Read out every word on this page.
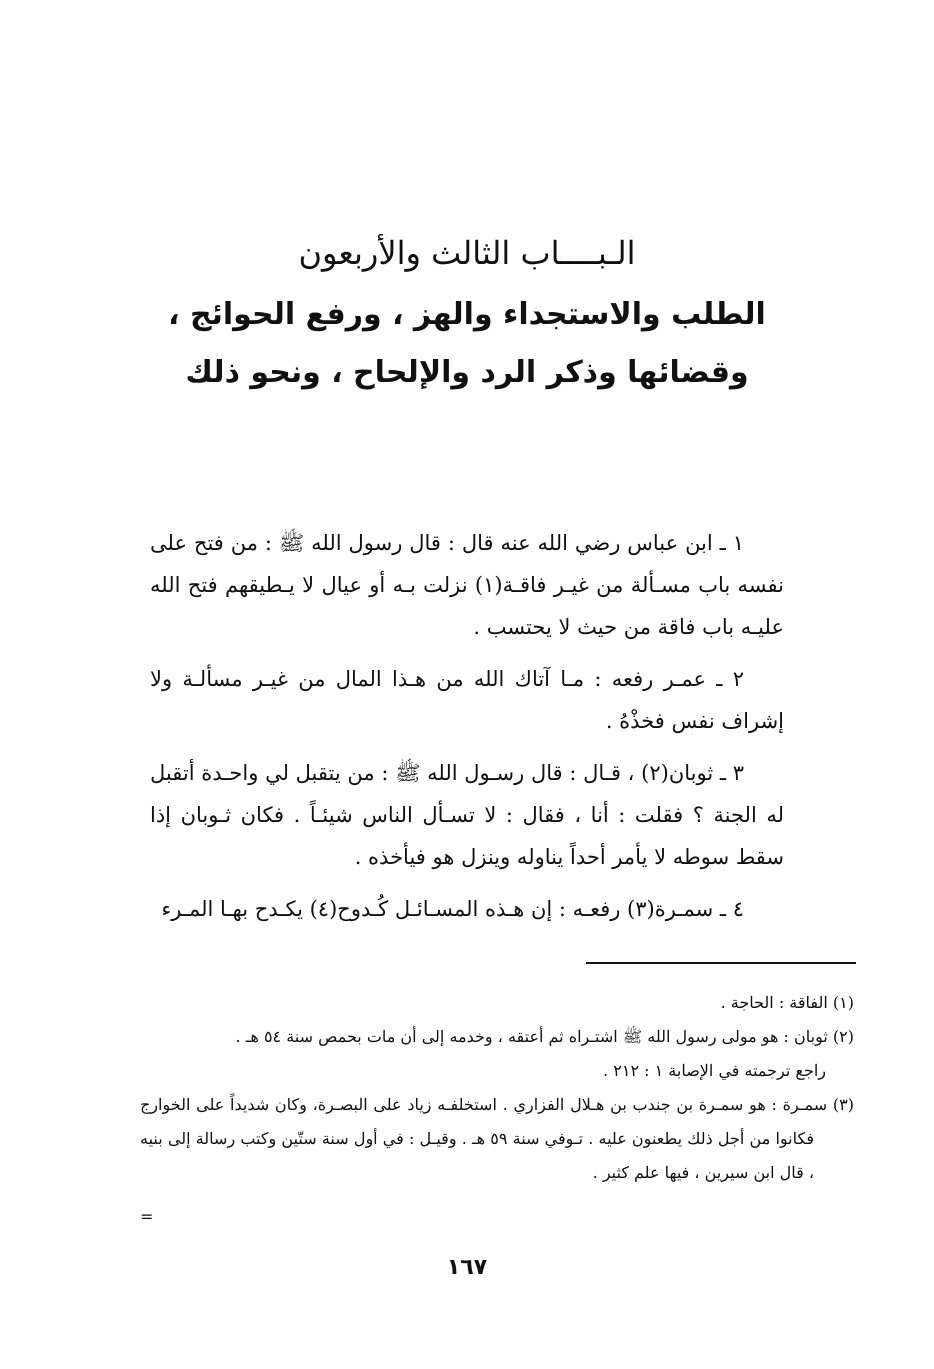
الـبــــاب الثالث والأربعون

الطلب والاستجداء والهز ، ورفع الحوائج ،
وقضائها وذكر الرد والإلحاح ، ونحو ذلك

١ ـ ابن عباس رضي الله عنه قال : قال رسول الله ﷺ : من فتح على نفسه باب مسـألة من غيـر فاقـة(١) نزلت بـه أو عيال لا يـطيقهم فتح الله عليـه باب فاقة من حيث لا يحتسب .

٢ ـ عمـر رفعه : مـا آتاك الله من هـذا المال من غيـر مسألـة ولا إشراف نفس فخذْهُ .

٣ ـ ثوبان(٢) ، قـال : قال رسـول الله ﷺ : من يتقبل لي واحـدة أتقبل له الجنة ؟ فقلت : أنا ، فقال : لا تسـأل الناس شيئـاً . فكان ثـوبان إذا سقط سوطه لا يأمر أحداً يناوله وينزل هو فيأخذه .

٤ ـ سمـرة(٣) رفعـه : إن هـذه المسـائـل كُـدوح(٤) يكـدح بهـا المـرء

(١) الفاقة : الحاجة .

(٢) ثوبان : هو مولى رسول الله ﷺ اشتـراه ثم أعتقه ، وخدمه إلى أن مات بحمص سنة ٥٤ هـ .

راجع ترجمته في الإصابة ١ : ٢١٢ .

(٣) سمـرة : هو سمـرة بن جندب بن هـلال الفزاري . استخلفـه زياد على البصـرة، وكان شديداً على الخوارج فكانوا من أجل ذلك يطعنون عليه . تـوفي سنة ٥٩ هـ . وقيـل : في أول سنة ستّين وكتب رسالة إلى بنيه ، قال ابن سيرين ، فيها علم كثير .

=
١٦٧
